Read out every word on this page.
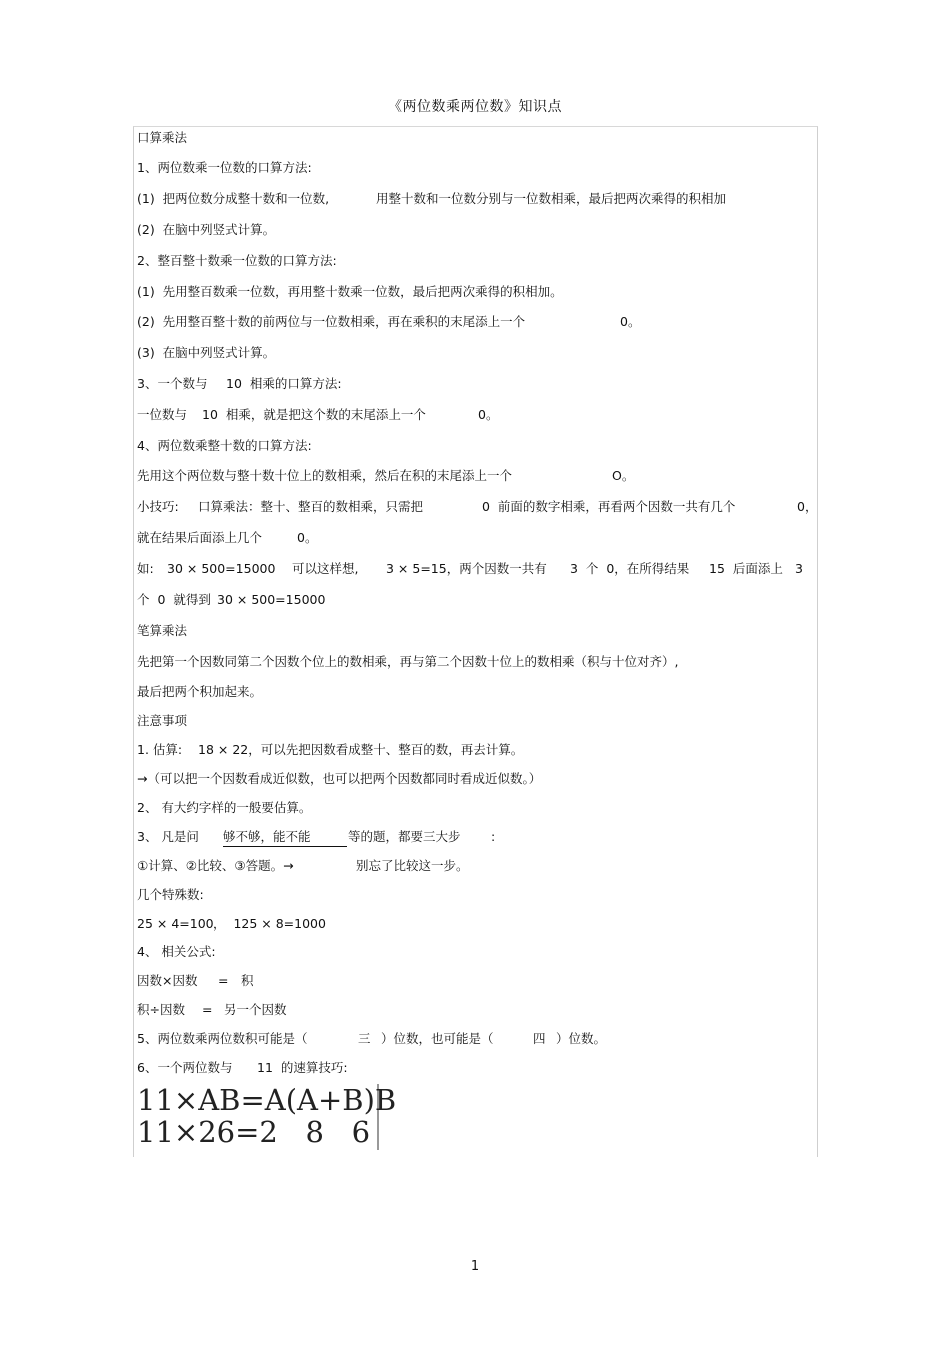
《两位数乘两位数》知识点
口算乘法
1、两位数乘一位数的口算方法:
(1)  把两位数分成整十数和一位数,	用整十数和一位数分别与一位数相乘，最后把两次乘得的积相加
(2)  在脑中列竖式计算。
2、整百整十数乘一位数的口算方法:
(1)  先用整百数乘一位数，再用整十数乘一位数，最后把两次乘得的积相加。
(2)  先用整百整十数的前两位与一位数相乘，再在乘积的末尾添上一个	0。
(3)  在脑中列竖式计算。
3、一个数与 10  相乘的口算方法:
一位数与 10  相乘，就是把这个数的末尾添上一个	0。
4、两位数乘整十数的口算方法:
先用这个两位数与整十数十位上的数相乘，然后在积的末尾添上一个	O。
小技巧: 口算乘法：整十、整百的数相乘，只需把	0  前面的数字相乘，再看两个因数一共有几个	0，
就在结果后面添上几个	0。
如: 30 × 500=15000 可以这样想, 3 × 5=15，两个因数一共有 3  个  0，在所得结果 15  后面添上 3
个  0  就得到 30 × 500=15000
笔算乘法
先把第一个因数同第二个因数个位上的数相乘，再与第二个因数十位上的数相乘（积与十位对齐）,
最后把两个积加起来。
注意事项
1. 估算: 18 × 22，可以先把因数看成整十、整百的数，再去计算。
→（可以把一个因数看成近似数，也可以把两个因数都同时看成近似数。）
2、 有大约字样的一般要估算。
3、 凡是问 够不够，能不能	等的题，都要三大步 :
①计算、②比较、③答题。→	别忘了比较这一步。
几个特殊数:
25 × 4=100 ，  125 × 8=1000
4、 相关公式:
因数×因数 = 积
积÷因数 = 另一个因数
5、两位数乘两位数积可能是（	三 ）位数，也可能是（	四 ）位数。
6、一个两位数与 11  的速算技巧:
11×AB=A(A+B)B
11×26=2   8   6
1
